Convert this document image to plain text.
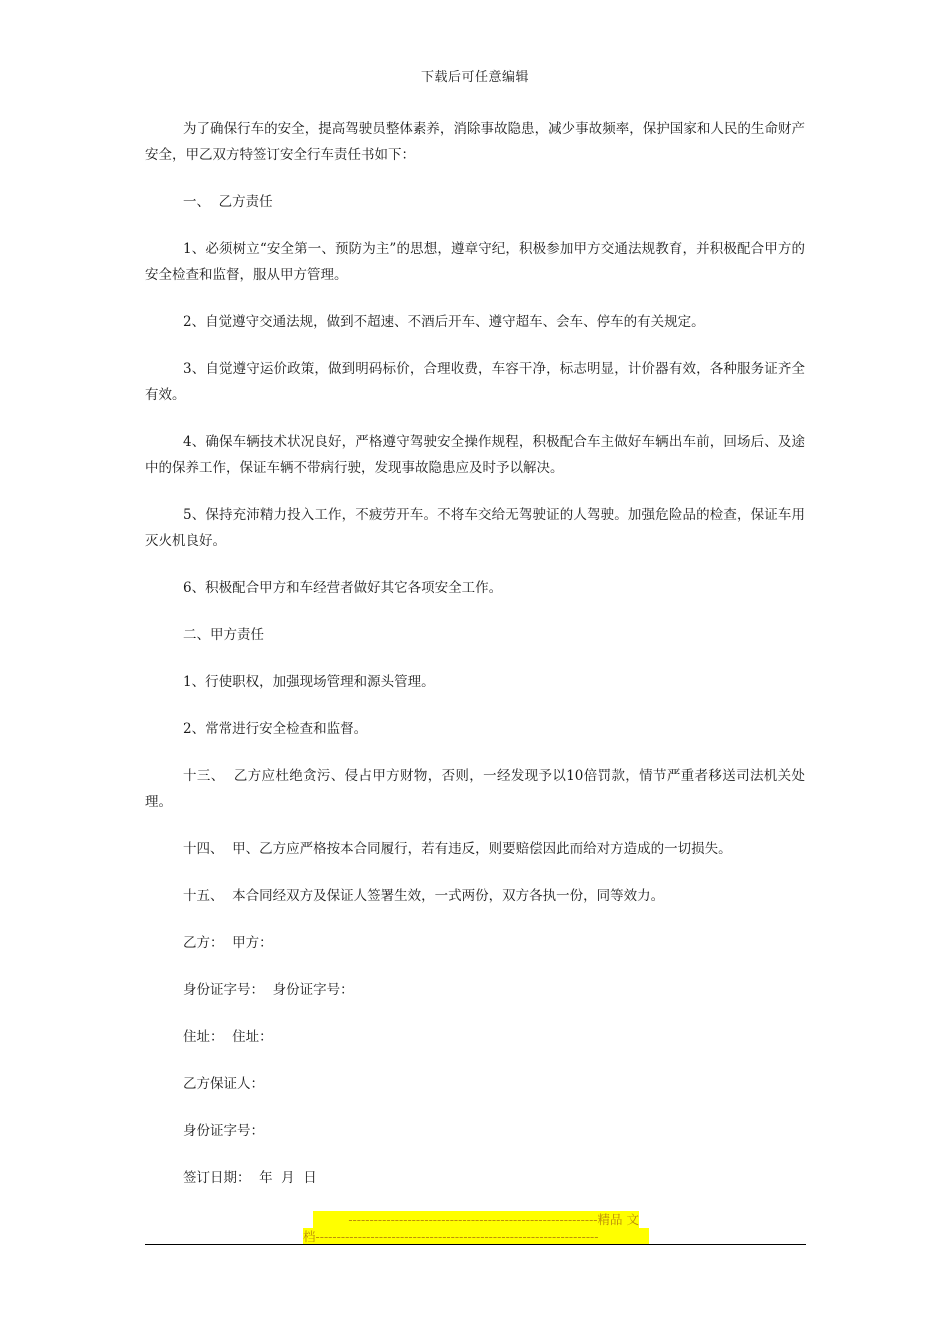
下载后可任意编辑

为了确保行车的安全，提高驾驶员整体素养，消除事故隐患，减少事故频率，保护国家和人民的生命财产安全，甲乙双方特签订安全行车责任书如下：

一、  乙方责任

1、必须树立“安全第一、预防为主”的思想，遵章守纪，积极参加甲方交通法规教育，并积极配合甲方的安全检查和监督，服从甲方管理。

2、自觉遵守交通法规，做到不超速、不酒后开车、遵守超车、会车、停车的有关规定。

3、自觉遵守运价政策，做到明码标价，合理收费，车容干净，标志明显，计价器有效，各种服务证齐全有效。

4、确保车辆技术状况良好，严格遵守驾驶安全操作规程，积极配合车主做好车辆出车前，回场后、及途中的保养工作，保证车辆不带病行驶，发现事故隐患应及时予以解决。

5、保持充沛精力投入工作，不疲劳开车。不将车交给无驾驶证的人驾驶。加强危险品的检查，保证车用灭火机良好。

6、积极配合甲方和车经营者做好其它各项安全工作。

二、甲方责任

1、行使职权，加强现场管理和源头管理。

2、常常进行安全检查和监督。

十三、  乙方应杜绝贪污、侵占甲方财物，否则，一经发现予以10倍罚款，情节严重者移送司法机关处理。

十四、  甲、乙方应严格按本合同履行，若有违反，则要赔偿因此而给对方造成的一切损失。

十五、  本合同经双方及保证人签署生效，一式两份，双方各执一份，同等效力。

乙方：  甲方：

身份证字号：  身份证字号：

住址：  住址：

乙方保证人：

身份证字号：

签订日期：  年  月  日

-----------------------------------------------------------精品 文
档-------------------------------------------------------------------
